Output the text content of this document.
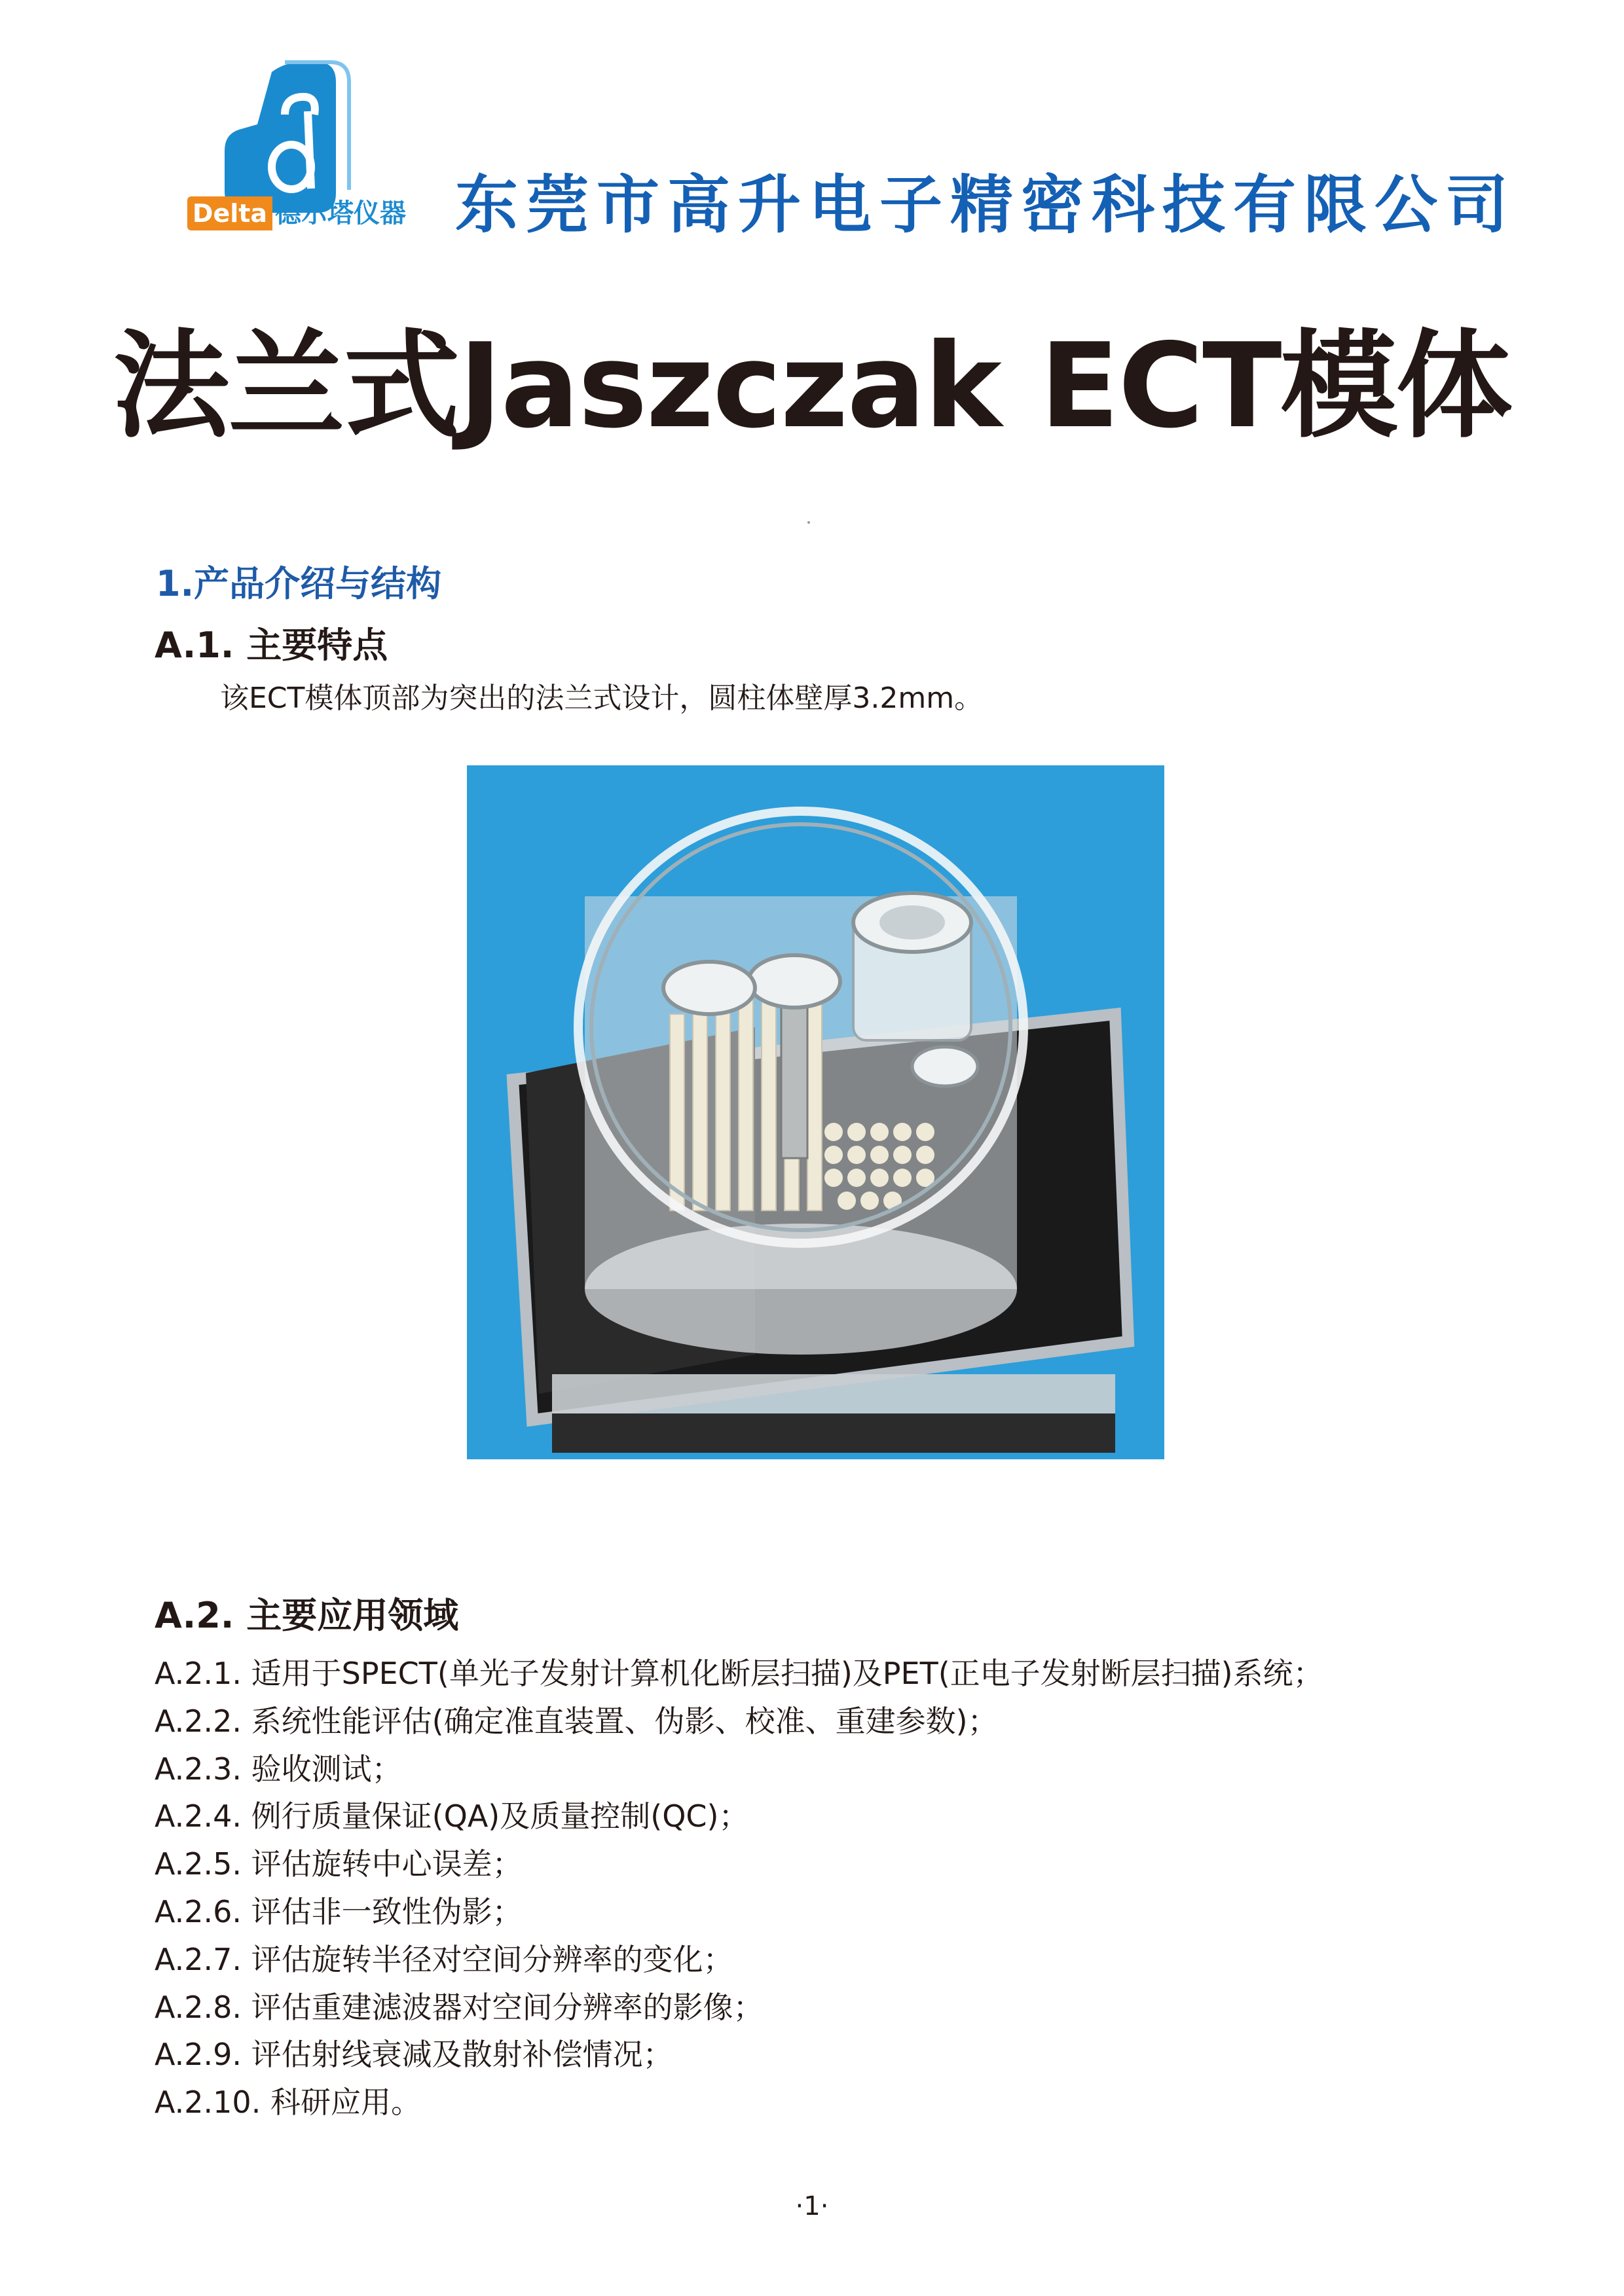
Delta 德尔塔仪器 东莞市高升电子精密科技有限公司
法兰式Jaszczak ECT模体
1.产品介绍与结构
A.1. 主要特点
该ECT模体顶部为突出的法兰式设计，圆柱体壁厚3.2mm。
A.2. 主要应用领域
A.2.1. 适用于SPECT(单光子发射计算机化断层扫描)及PET(正电子发射断层扫描)系统；
A.2.2. 系统性能评估(确定准直装置、伪影、校准、重建参数)；
A.2.3. 验收测试；
A.2.4. 例行质量保证(QA)及质量控制(QC)；
A.2.5. 评估旋转中心误差；
A.2.6. 评估非一致性伪影；
A.2.7. 评估旋转半径对空间分辨率的变化；
A.2.8. 评估重建滤波器对空间分辨率的影像；
A.2.9. 评估射线衰减及散射补偿情况；
A.2.10. 科研应用。
·1·
